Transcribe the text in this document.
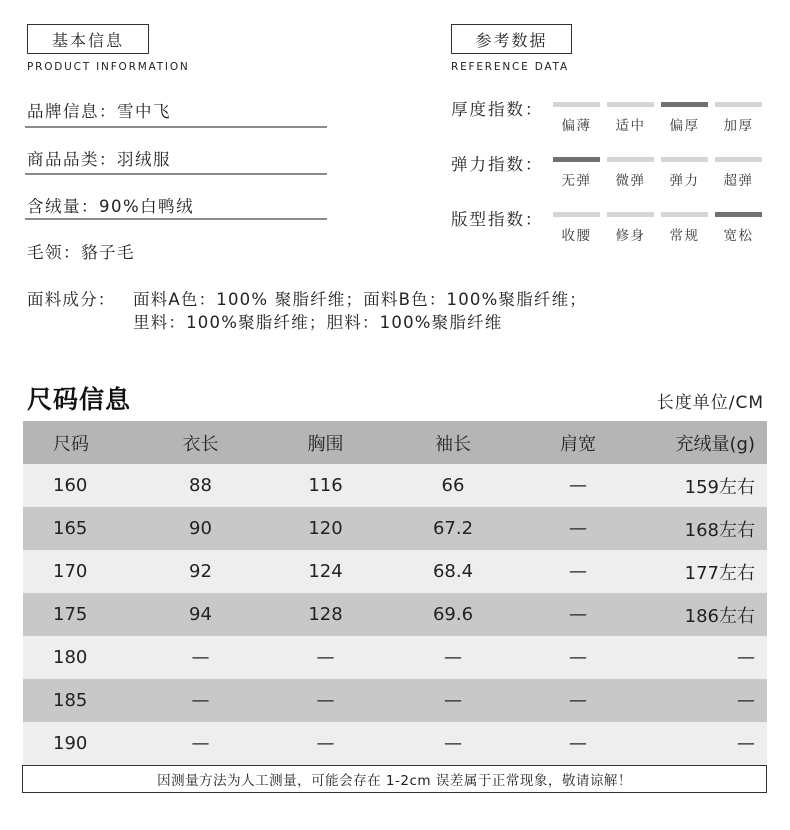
基本信息
PRODUCT INFORMATION
品牌信息：雪中飞
商品品类：羽绒服
含绒量：90%白鸭绒
毛领：貉子毛
面料成分： 面料A色：100% 聚脂纤维；面料B色：100%聚脂纤维；
里料：100%聚脂纤维；胆料：100%聚脂纤维
参考数据
REFERENCE DATA
厚度指数：
弹力指数：
版型指数：
偏薄	适中	偏厚	加厚
无弹	微弹	弹力	超弹
收腰	修身	常规	宽松
尺码信息	长度单位/CM
尺码	衣长	胸围	袖长	肩宽	充绒量(g)
160	88	116	66	—	159左右
165	90	120	67.2	—	168左右
170	92	124	68.4	—	177左右
175	94	128	69.6	—	186左右
180	—	—	—	—	—
185	—	—	—	—	—
190	—	—	—	—	—
因测量方法为人工测量，可能会存在 1-2cm 误差属于正常现象，敬请谅解！
